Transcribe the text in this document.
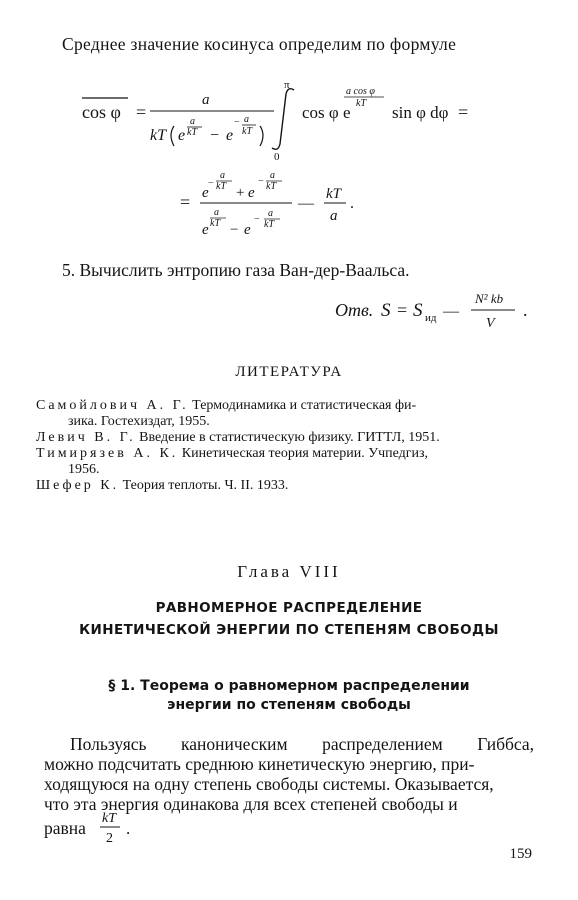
Среднее значение косинуса определим по формуле
cos φ =
a
kT e
a
kT − e
− a
kT
π
0
cos φ e
a cos φ
kT sin φ dφ =
=
−
a
kT
e + e
−
a
kT
a
kT
e − e
−
a
kT
—
kT
a
.
5. Вычислить энтропию газа Ван-дер-Ваальса.
Отв. S = S ид —
N² kb
V
.
ЛИТЕРАТУРА
Самойлович А. Г. Термодинамика и статистическая фи-
зика. Гостехиздат, 1955.
Левич В. Г. Введение в статистическую физику. ГИТТЛ, 1951.
Тимирязев А. К. Кинетическая теория материи. Учпедгиз,
1956.
Шефер К. Теория теплоты. Ч. II. 1933.
Глава VIII
РАВНОМЕРНОЕ РАСПРЕДЕЛЕНИЕ
КИНЕТИЧЕСКОЙ ЭНЕРГИИ ПО СТЕПЕНЯМ СВОБОДЫ
§ 1. Теорема о равномерном распределении
энергии по степеням свободы
Пользуясь каноническим распределением Гиббса,
можно подсчитать среднюю кинетическую энергию, при-
ходящуюся на одну степень свободы системы. Оказывается,
что эта энергия одинакова для всех степеней свободы и
равна kT
2
.
159
